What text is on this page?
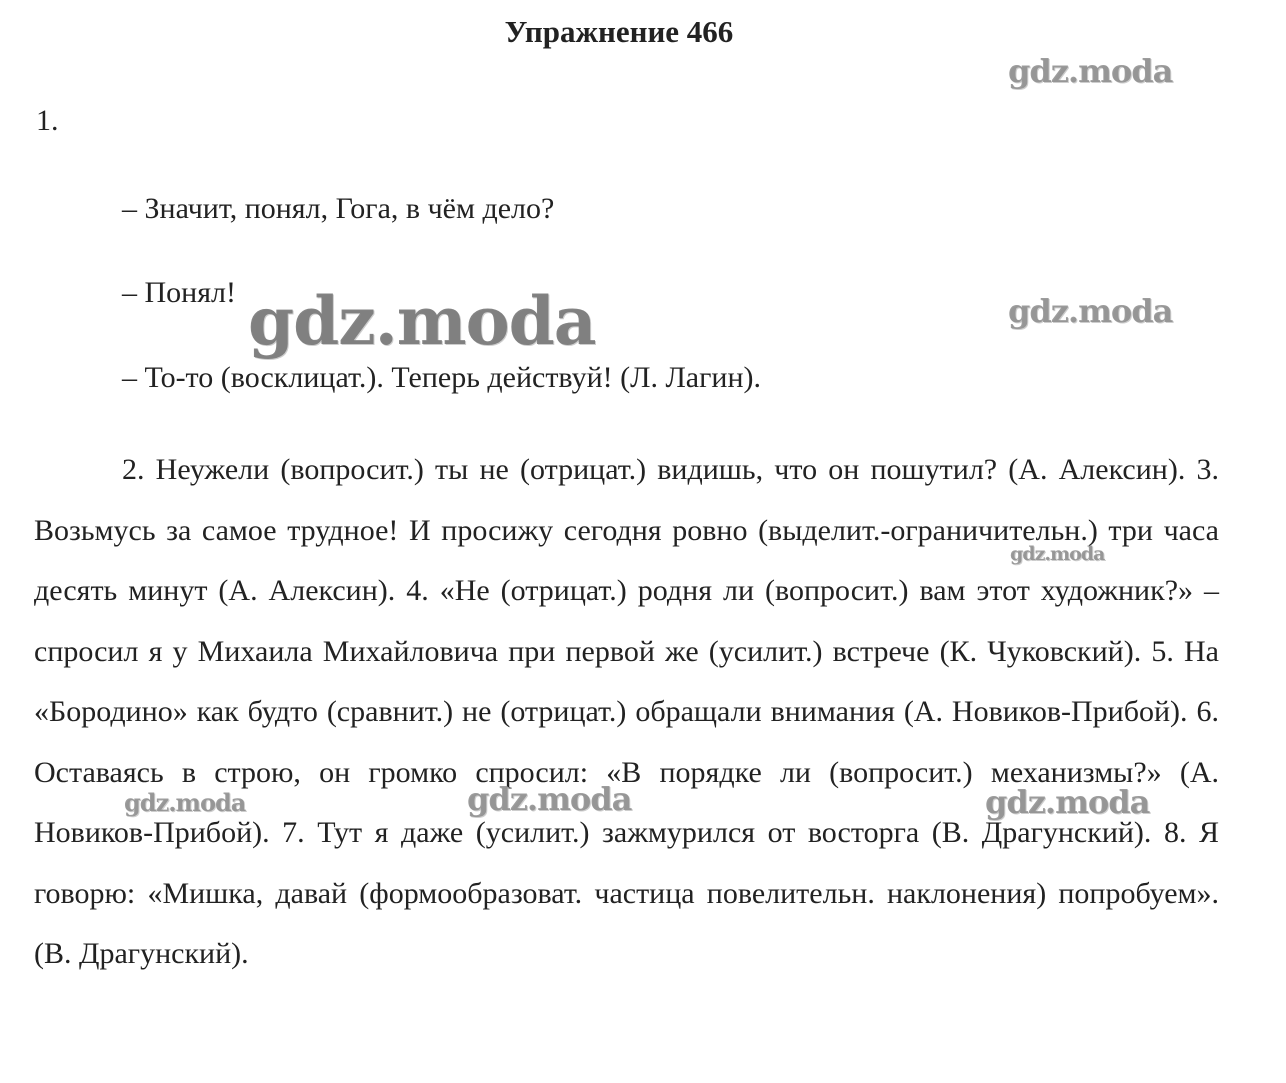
Упражнение 466
1.
– Значит, понял, Гога, в чём дело?
– Понял!
– То-то (восклицат.). Теперь действуй! (Л. Лагин).
2. Неужели (вопросит.) ты не (отрицат.) видишь, что он пошутил? (А. Алексин). 3. Возьмусь за самое трудное! И просижу сегодня ровно (выделит.-ограничительн.) три часа десять минут (А. Алексин). 4. «Не (отрицат.) родня ли (вопросит.) вам этот художник?» – спросил я у Михаила Михайловича при первой же (усилит.) встрече (К. Чуковский). 5. На «Бородино» как будто (сравнит.) не (отрицат.) обращали внимания (А. Новиков-Прибой). 6. Оставаясь в строю, он громко спросил: «В порядке ли (вопросит.) механизмы?» (А. Новиков-Прибой). 7. Тут я даже (усилит.) зажмурился от восторга (В. Драгунский). 8. Я говорю: «Мишка, давай (формообразоват. частица повелительн. наклонения) попробуем». (В. Драгунский).
gdz.moda
gdz.moda	gdz.moda
gdz.moda
gdz.moda	gdz.moda	gdz.moda
